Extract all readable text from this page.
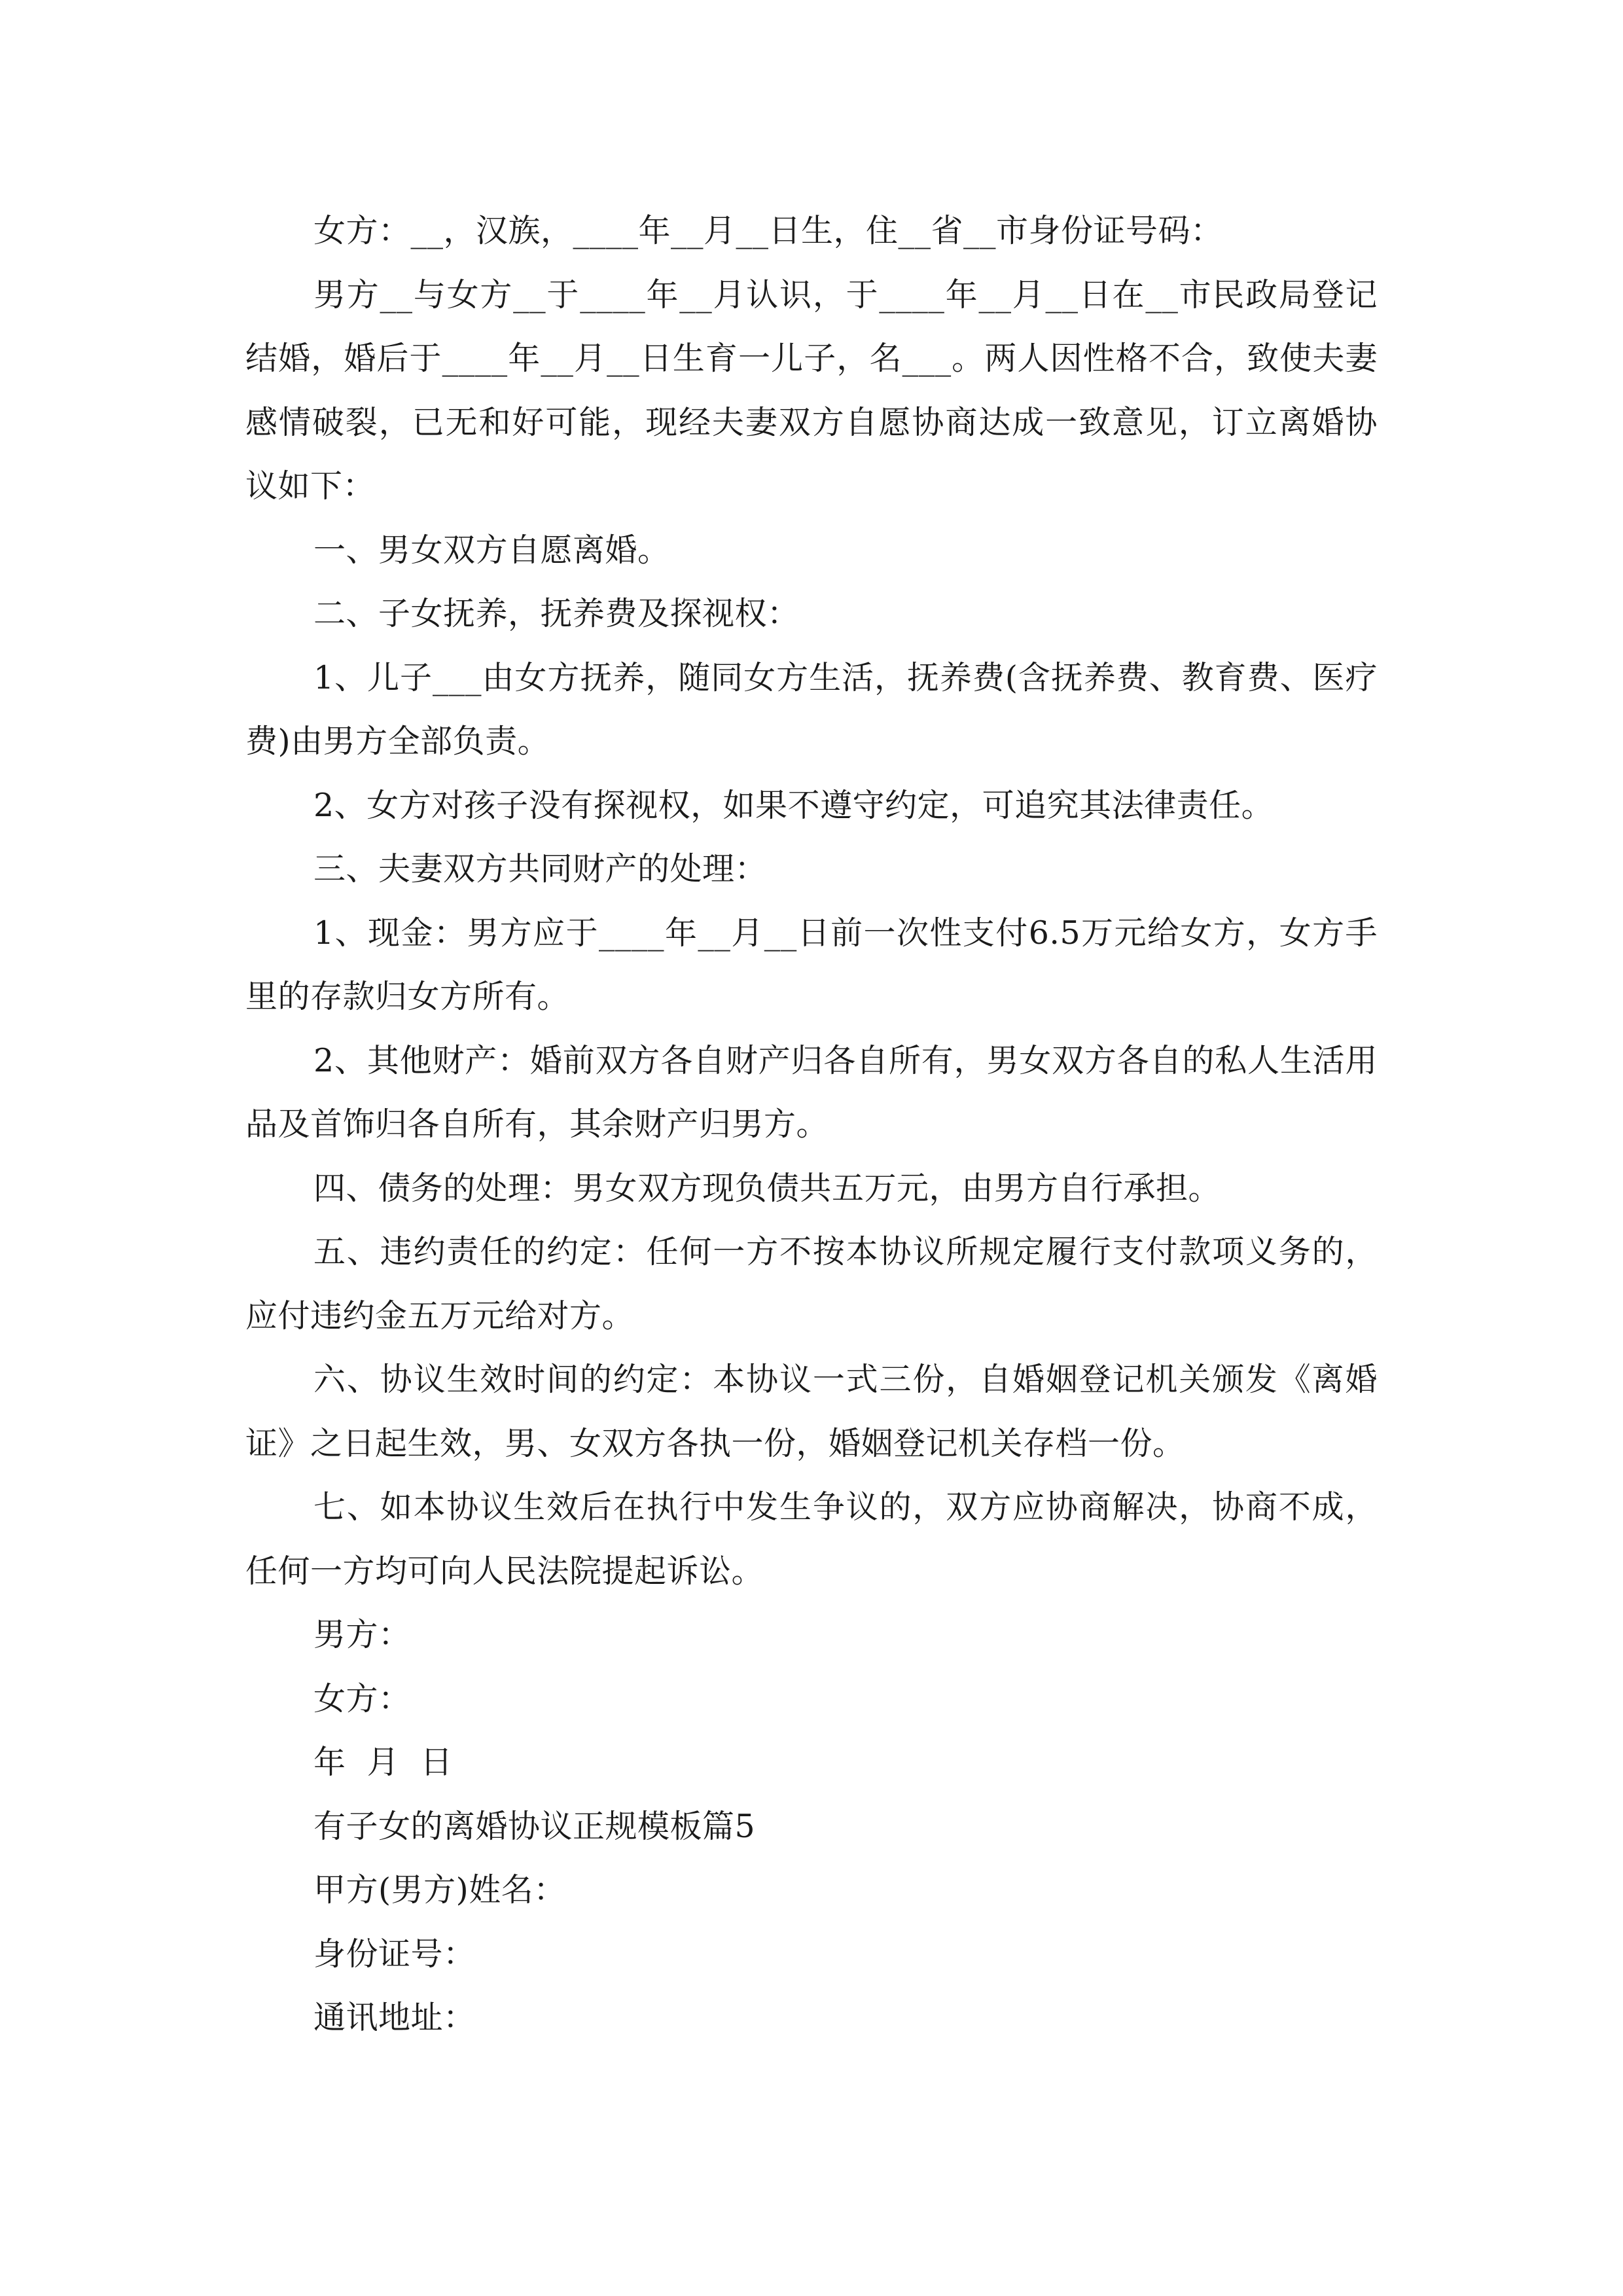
女方：__，汉族，____年__月__日生，住__省__市身份证号码：

男方__与女方__于____年__月认识，于____年__月__日在__市民政局登记结婚，婚后于____年__月__日生育一儿子，名___。两人因性格不合，致使夫妻感情破裂，已无和好可能，现经夫妻双方自愿协商达成一致意见，订立离婚协议如下：

一、男女双方自愿离婚。

二、子女抚养，抚养费及探视权：

1、儿子___由女方抚养，随同女方生活，抚养费(含抚养费、教育费、医疗费)由男方全部负责。

2、女方对孩子没有探视权，如果不遵守约定，可追究其法律责任。

三、夫妻双方共同财产的处理：

1、现金：男方应于____年__月__日前一次性支付6.5万元给女方，女方手里的存款归女方所有。

2、其他财产：婚前双方各自财产归各自所有，男女双方各自的私人生活用品及首饰归各自所有，其余财产归男方。

四、债务的处理：男女双方现负债共五万元，由男方自行承担。

五、违约责任的约定：任何一方不按本协议所规定履行支付款项义务的，应付违约金五万元给对方。

六、协议生效时间的约定：本协议一式三份，自婚姻登记机关颁发《离婚证》之日起生效，男、女双方各执一份，婚姻登记机关存档一份。

七、如本协议生效后在执行中发生争议的，双方应协商解决，协商不成，任何一方均可向人民法院提起诉讼。

男方：

女方：

年  月  日

有子女的离婚协议正规模板篇5

甲方(男方)姓名：

身份证号：

通讯地址：
